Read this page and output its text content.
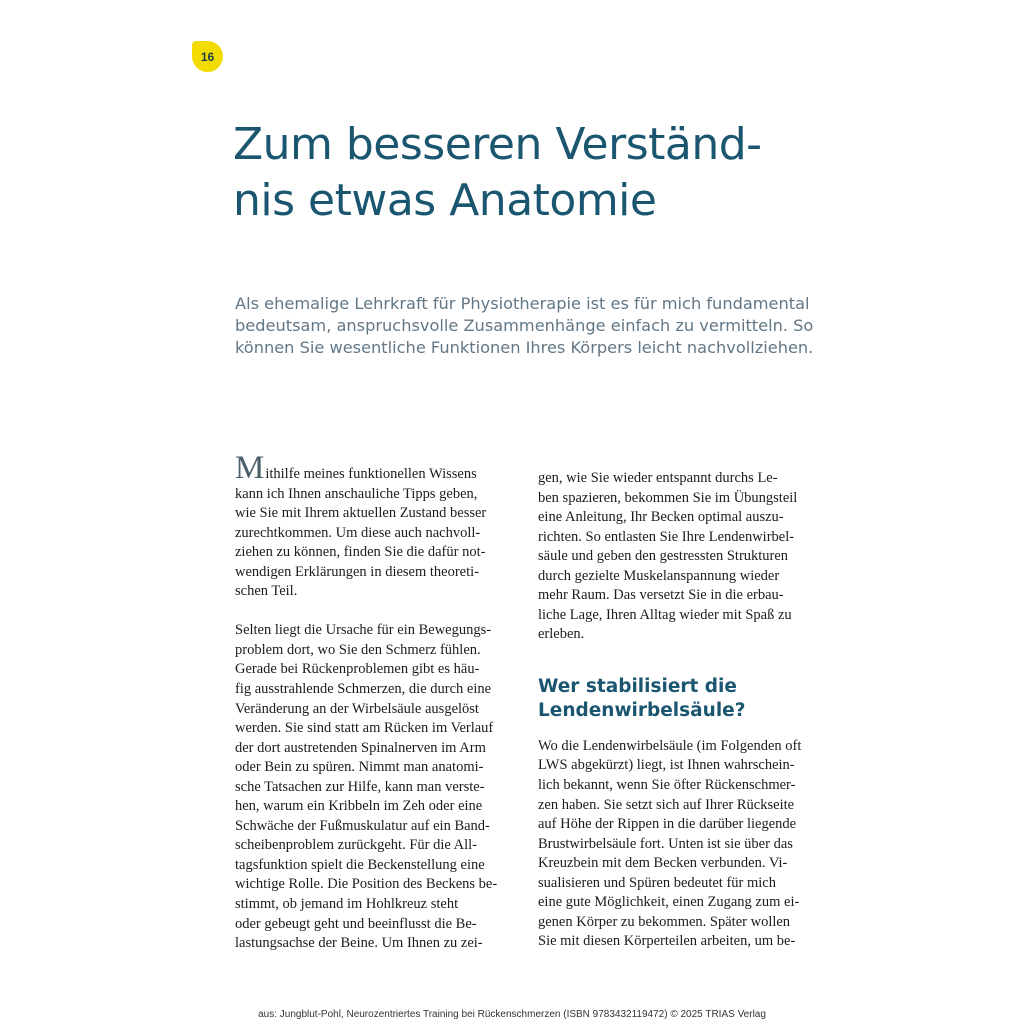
16
Zum besseren Verständ-
nis etwas Anatomie

Als ehemalige Lehrkraft für Physiotherapie ist es für mich fundamental
bedeutsam, anspruchsvolle Zusammenhänge einfach zu vermitteln. So
können Sie wesentliche Funktionen Ihres Körpers leicht nachvollziehen.

Mithilfe meines funktionellen Wissens
kann ich Ihnen anschauliche Tipps geben,
wie Sie mit Ihrem aktuellen Zustand besser
zurechtkommen. Um diese auch nachvoll-
ziehen zu können, finden Sie die dafür not-
wendigen Erklärungen in diesem theoreti-
schen Teil.
Selten liegt die Ursache für ein Bewegungs-
problem dort, wo Sie den Schmerz fühlen.
Gerade bei Rückenproblemen gibt es häu-
fig ausstrahlende Schmerzen, die durch eine
Veränderung an der Wirbelsäule ausgelöst
werden. Sie sind statt am Rücken im Verlauf
der dort austretenden Spinalnerven im Arm
oder Bein zu spüren. Nimmt man anatomi-
sche Tatsachen zur Hilfe, kann man verste-
hen, warum ein Kribbeln im Zeh oder eine
Schwäche der Fußmuskulatur auf ein Band-
scheibenproblem zurückgeht. Für die All-
tagsfunktion spielt die Beckenstellung eine
wichtige Rolle. Die Position des Beckens be-
stimmt, ob jemand im Hohlkreuz steht
oder gebeugt geht und beeinflusst die Be-
lastungsachse der Beine. Um Ihnen zu zei-
gen, wie Sie wieder entspannt durchs Le-
ben spazieren, bekommen Sie im Übungsteil
eine Anleitung, Ihr Becken optimal auszu-
richten. So entlasten Sie Ihre Lendenwirbel-
säule und geben den gestressten Strukturen
durch gezielte Muskelanspannung wieder
mehr Raum. Das versetzt Sie in die erbau-
liche Lage, Ihren Alltag wieder mit Spaß zu
erleben.
Wer stabilisiert die
Lendenwirbelsäule?
Wo die Lendenwirbelsäule (im Folgenden oft
LWS abgekürzt) liegt, ist Ihnen wahrschein-
lich bekannt, wenn Sie öfter Rückenschmer-
zen haben. Sie setzt sich auf Ihrer Rückseite
auf Höhe der Rippen in die darüber liegende
Brustwirbelsäule fort. Unten ist sie über das
Kreuzbein mit dem Becken verbunden. Vi-
sualisieren und Spüren bedeutet für mich
eine gute Möglichkeit, einen Zugang zum ei-
genen Körper zu bekommen. Später wollen
Sie mit diesen Körperteilen arbeiten, um be-
aus: Jungblut-Pohl, Neurozentriertes Training bei Rückenschmerzen (ISBN 9783432119472) © 2025 TRIAS Verlag
